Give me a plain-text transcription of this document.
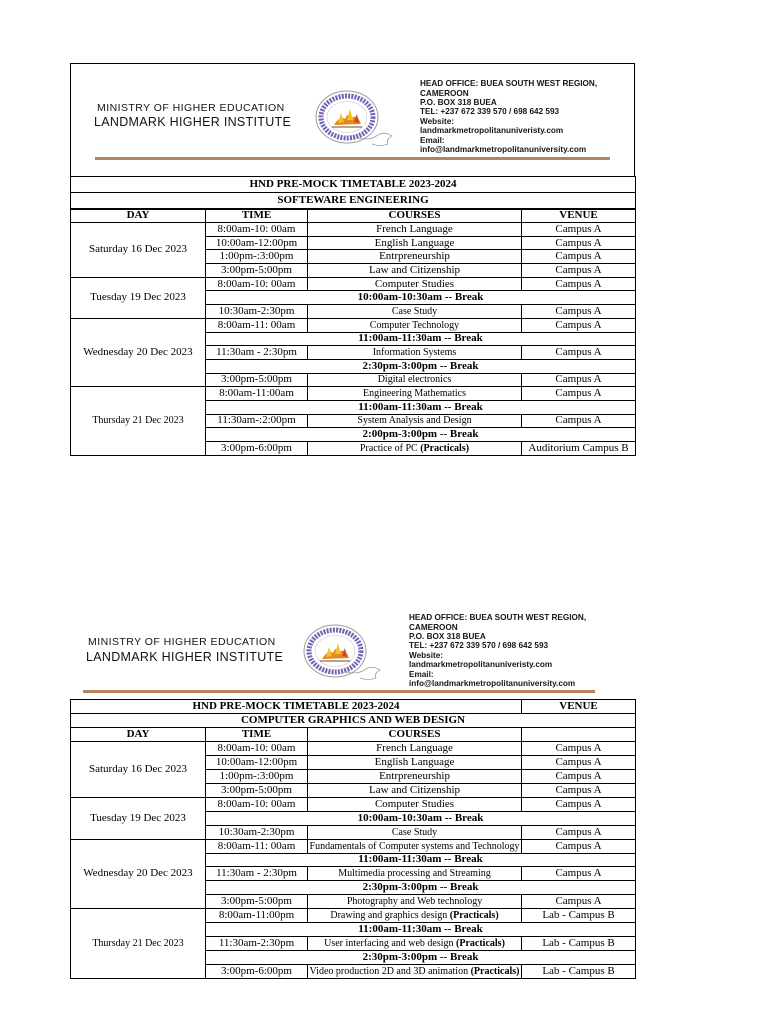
MINISTRY OF HIGHER EDUCATION
LANDMARK HIGHER INSTITUTE
HEAD OFFICE: BUEA SOUTH WEST REGION,
CAMEROON
P.O. BOX 318 BUEA
TEL: +237 672 339 570 / 698 642 593
Website:
landmarkmetropolitanuniveristy.com
Email:
info@landmarkmetropolitanuniversity.com
HND PRE-MOCK TIMETABLE 2023-2024			
SOFTEWARE ENGINEERING			
DAY	TIME	COURSES	VENUE
Saturday 16 Dec 2023	8:00am-10: 00am	French Language	Campus A
	10:00am-12:00pm	English Language	Campus A
	1:00pm-:3:00pm	Entrpreneurship	Campus A
	3:00pm-5:00pm	Law and Citizenship	Campus A
Tuesday 19 Dec 2023	8:00am-10: 00am	Computer Studies	Campus A
	10:00am-10:30am -- Break		
	10:30am-2:30pm	Case Study	Campus A
Wednesday 20 Dec 2023	8:00am-11: 00am	Computer Technology	Campus A
	11:00am-11:30am -- Break		
	11:30am - 2:30pm	Information Systems	Campus A
	2:30pm-3:00pm -- Break		
	3:00pm-5:00pm	Digital electronics	Campus A
Thursday 21 Dec 2023	8:00am-11:00am	Engineering Mathematics	Campus A
	11:00am-11:30am -- Break		
	11:30am-:2:00pm	System Analysis and Design	Campus A
	2:00pm-3:00pm -- Break		
	3:00pm-6:00pm	Practice of PC (Practicals)	Auditorium Campus B
MINISTRY OF HIGHER EDUCATION
LANDMARK HIGHER INSTITUTE
HEAD OFFICE: BUEA SOUTH WEST REGION,
CAMEROON
P.O. BOX 318 BUEA
TEL: +237 672 339 570 / 698 642 593
Website:
landmarkmetropolitanuniveristy.com
Email:
info@landmarkmetropolitanuniversity.com
HND PRE-MOCK TIMETABLE 2023-2024			VENUE
COMPUTER GRAPHICS AND WEB DESIGN			
DAY	TIME	COURSES	
Saturday 16 Dec 2023	8:00am-10: 00am	French Language	Campus A
	10:00am-12:00pm	English Language	Campus A
	1:00pm-:3:00pm	Entrpreneurship	Campus A
	3:00pm-5:00pm	Law and Citizenship	Campus A
Tuesday 19 Dec 2023	8:00am-10: 00am	Computer Studies	Campus A
	10:00am-10:30am -- Break		
	10:30am-2:30pm	Case Study	Campus A
Wednesday 20 Dec 2023	8:00am-11: 00am	Fundamentals of Computer systems and Technology	Campus A
	11:00am-11:30am -- Break		
	11:30am - 2:30pm	Multimedia processing and Streaming	Campus A
	2:30pm-3:00pm -- Break		
	3:00pm-5:00pm	Photography and Web technology	Campus A
Thursday 21 Dec 2023	8:00am-11:00pm	Drawing and graphics design (Practicals)	Lab - Campus B
	11:00am-11:30am -- Break		
	11:30am-2:30pm	User interfacing and web design (Practicals)	Lab - Campus B
	2:30pm-3:00pm -- Break		
	3:00pm-6:00pm	Video production 2D and 3D animation (Practicals)	Lab - Campus B
